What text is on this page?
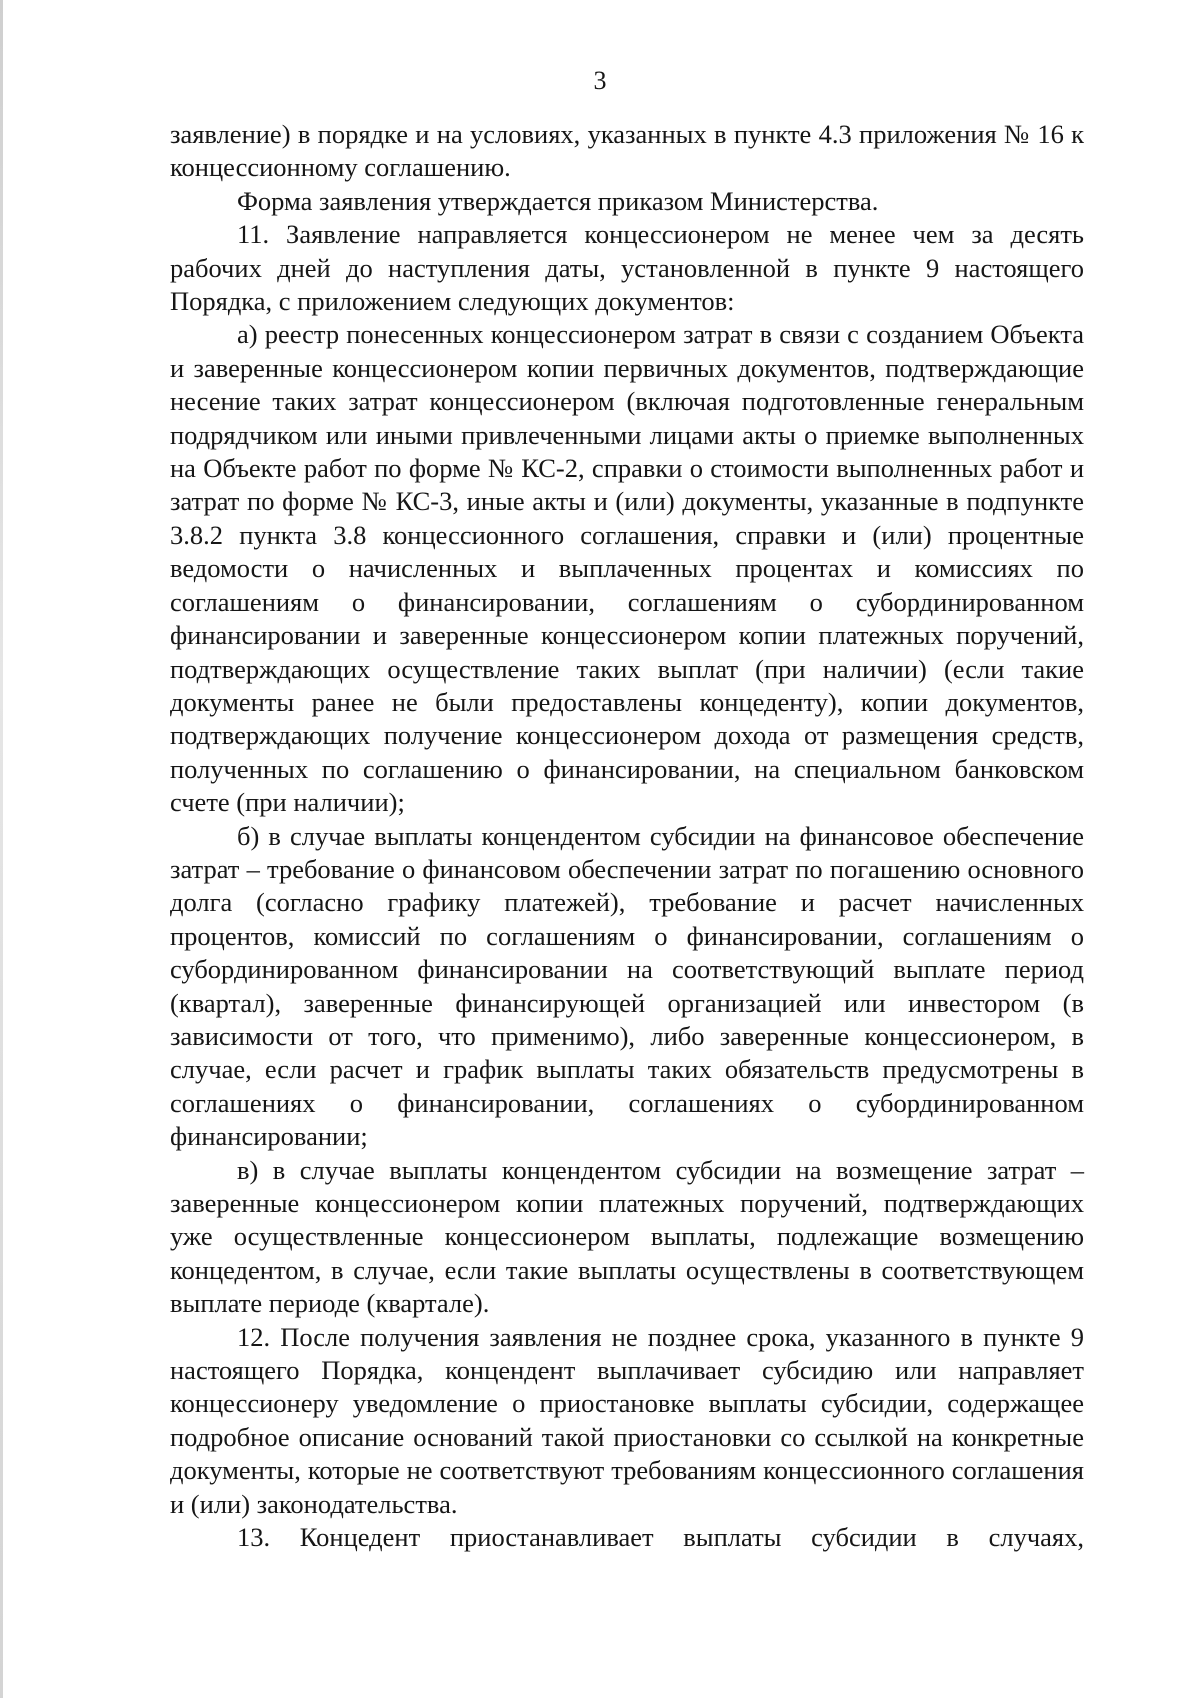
3

заявление) в порядке и на условиях, указанных в пункте 4.3 приложения № 16 к концессионному соглашению.

Форма заявления утверждается приказом Министерства.

11. Заявление направляется концессионером не менее чем за десять рабочих дней до наступления даты, установленной в пункте 9 настоящего Порядка, с приложением следующих документов:

а) реестр понесенных концессионером затрат в связи с созданием Объекта и заверенные концессионером копии первичных документов, подтверждающие несение таких затрат концессионером (включая подготовленные генеральным подрядчиком или иными привлеченными лицами акты о приемке выполненных на Объекте работ по форме № КС-2, справки о стоимости выполненных работ и затрат по форме № КС-3, иные акты и (или) документы, указанные в подпункте 3.8.2 пункта 3.8 концессионного соглашения, справки и (или) процентные ведомости о начисленных и выплаченных процентах и комиссиях по соглашениям о финансировании, соглашениям о субординированном финансировании и заверенные концессионером копии платежных поручений, подтверждающих осуществление таких выплат (при наличии) (если такие документы ранее не были предоставлены концеденту), копии документов, подтверждающих получение концессионером дохода от размещения средств, полученных по соглашению о финансировании, на специальном банковском счете (при наличии);

б) в случае выплаты концендентом субсидии на финансовое обеспечение затрат – требование о финансовом обеспечении затрат по погашению основного долга (согласно графику платежей), требование и расчет начисленных процентов, комиссий по соглашениям о финансировании, соглашениям о субординированном финансировании на соответствующий выплате период (квартал), заверенные финансирующей организацией или инвестором (в зависимости от того, что применимо), либо заверенные концессионером, в случае, если расчет и график выплаты таких обязательств предусмотрены в соглашениях о финансировании, соглашениях о субординированном финансировании;

в) в случае выплаты концендентом субсидии на возмещение затрат – заверенные концессионером копии платежных поручений, подтверждающих уже осуществленные концессионером выплаты, подлежащие возмещению концедентом, в случае, если такие выплаты осуществлены в соответствующем выплате периоде (квартале).

12. После получения заявления не позднее срока, указанного в пункте 9 настоящего Порядка, концендент выплачивает субсидию или направляет концессионеру уведомление о приостановке выплаты субсидии, содержащее подробное описание оснований такой приостановки со ссылкой на конкретные документы, которые не соответствуют требованиям концессионного соглашения и (или) законодательства.

13. Концедент приостанавливает выплаты субсидии в случаях,
